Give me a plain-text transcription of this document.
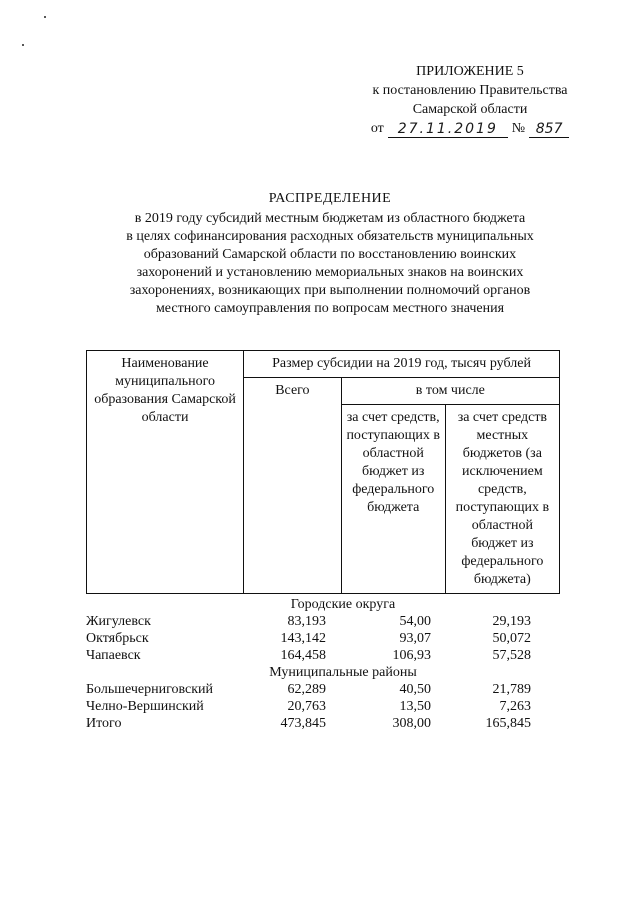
ПРИЛОЖЕНИЕ 5
к постановлению Правительства
Самарской области
от 27.11.2019 № 857
РАСПРЕДЕЛЕНИЕ
в 2019 году субсидий местным бюджетам из областного бюджета
в целях софинансирования расходных обязательств муниципальных
образований Самарской области по восстановлению воинских
захоронений и установлению мемориальных знаков на воинских
захоронениях, возникающих при выполнении полномочий органов
местного самоуправления по вопросам местного значения
Наименование муниципального образования Самарской области	Размер субсидии на 2019 год, тысяч рублей		
	Всего	в том числе	
		за счет средств, поступающих в областной бюджет из федерального бюджета	за счет средств местных бюджетов (за исключением средств, поступающих в областной бюджет из федерального бюджета)
Городские округа
Жигулевск	83,193	54,00	29,193
Октябрьск	143,142	93,07	50,072
Чапаевск	164,458	106,93	57,528
Муниципальные районы
Большечерниговский	62,289	40,50	21,789
Челно-Вершинский	20,763	13,50	7,263
Итого	473,845	308,00	165,845
